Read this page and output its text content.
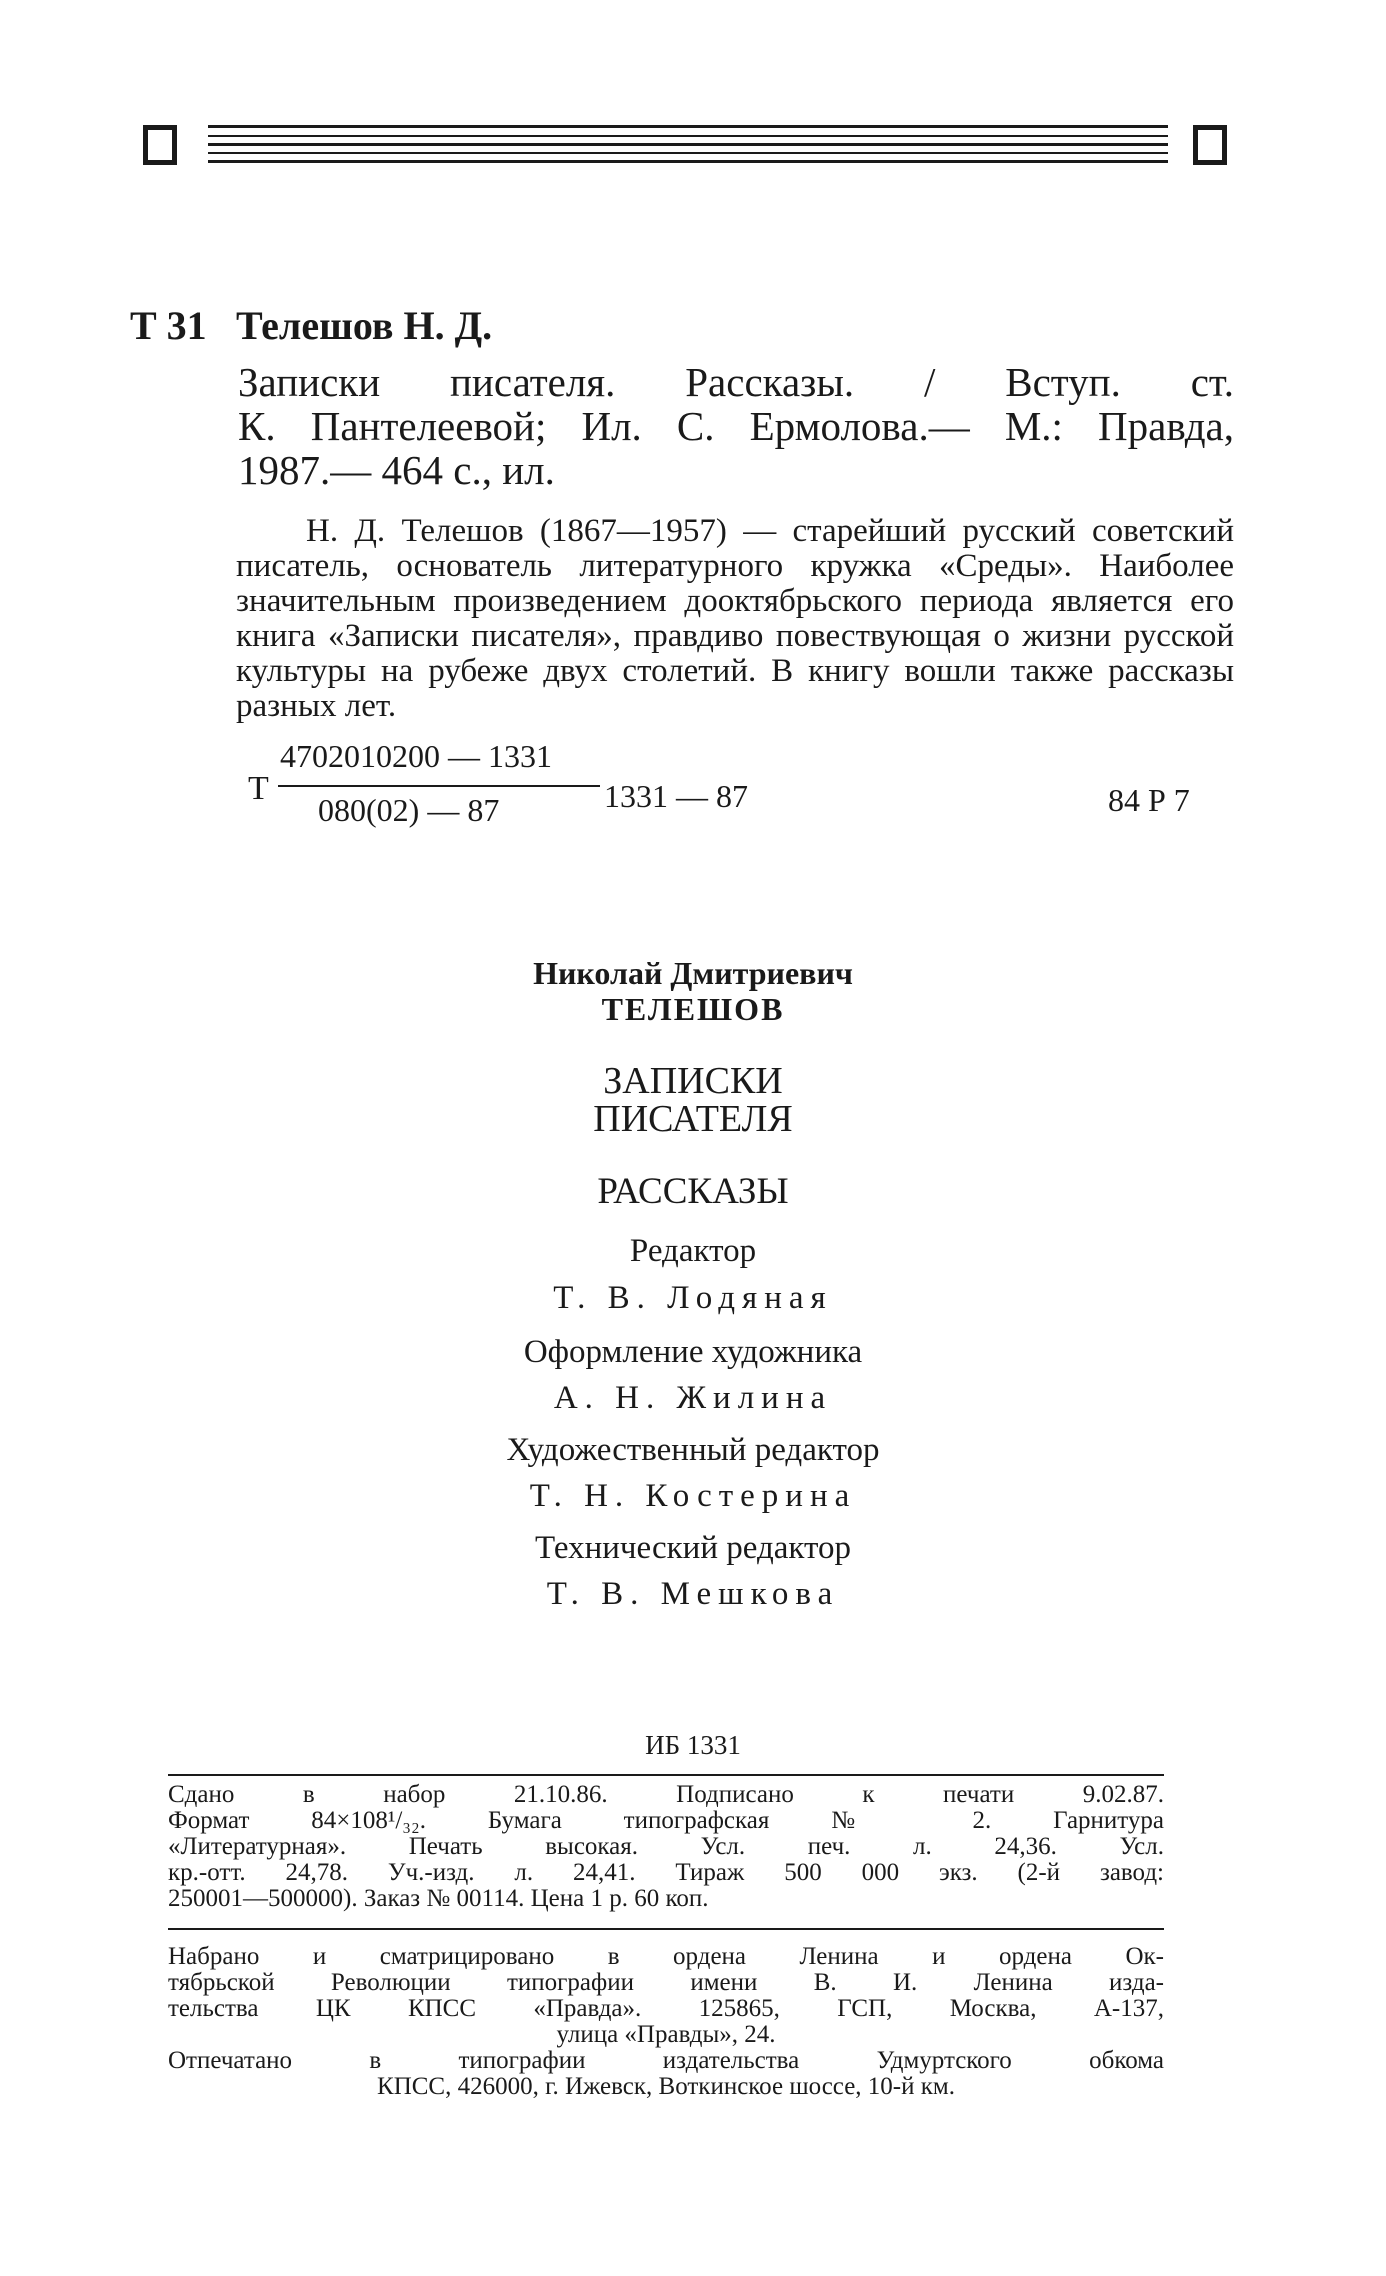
Т 31 Телешов Н. Д.
Записки писателя. Рассказы. / Вступ. ст.
К. Пантелеевой; Ил. С. Ермолова.— М.: Правда,
1987.— 464 с., ил.
Н. Д. Телешов (1867—1957) — старейший русский советский писатель, основатель литературного кружка «Среды». Наиболее значительным произведением дооктябрьского периода является его книга «Записки писателя», правдиво повествующая о жизни русской культуры на рубеже двух столетий. В книгу вошли также рассказы разных лет.
Т
4702010200 — 1331
080(02) — 87	1331 — 87	84 Р 7
Николай Дмитриевич
ТЕЛЕШОВ
ЗАПИСКИ
ПИСАТЕЛЯ
РАССКАЗЫ
Редактор
Т. В. Лодяная
Оформление художника
А. Н. Жилина
Художественный редактор
Т. Н. Костерина
Технический редактор
Т. В. Мешкова
ИБ 1331
Сдано в набор 21.10.86. Подписано к печати 9.02.87.
Формат 84×108¹/₃₂. Бумага типографская № 2. Гарнитура
«Литературная». Печать высокая. Усл. печ. л. 24,36. Усл.
кр.-отт. 24,78. Уч.-изд. л. 24,41. Тираж 500 000 экз. (2-й завод:
250001—500000). Заказ № 00114. Цена 1 р. 60 коп.
Набрано и сматрицировано в ордена Ленина и ордена Ок-
тябрьской Революции типографии имени В. И. Ленина изда-
тельства ЦК КПСС «Правда». 125865, ГСП, Москва, А-137,
улица «Правды», 24.
Отпечатано в типографии издательства Удмуртского обкома
КПСС, 426000, г. Ижевск, Воткинское шоссе, 10-й км.
